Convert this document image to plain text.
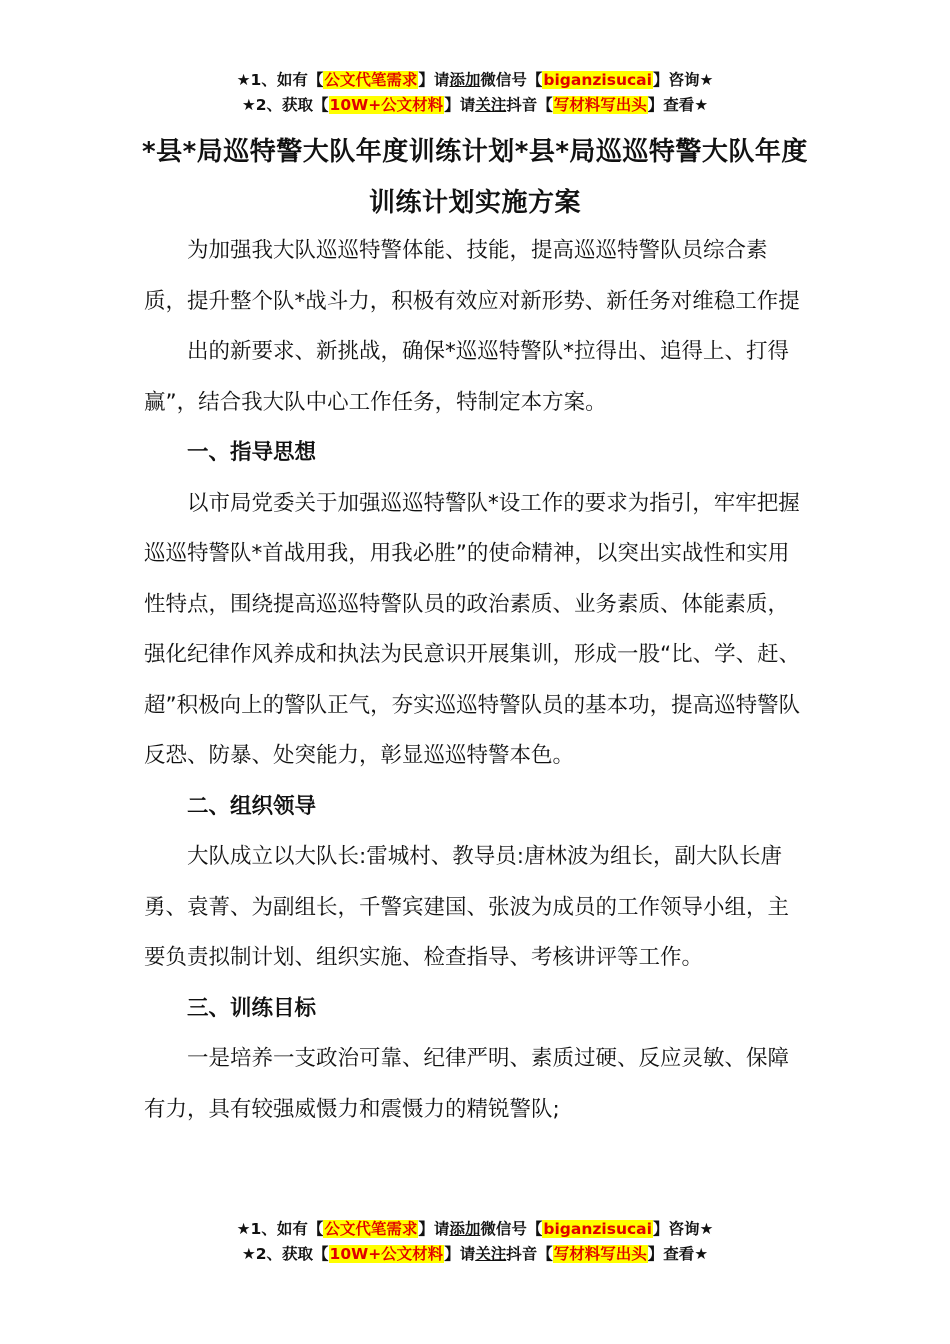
★1、如有【公文代笔需求】请添加微信号【biganzisucai】咨询★
★2、获取【10W+公文材料】请关注抖音【写材料写出头】查看★
*县*局巡特警大队年度训练计划*县*局巡巡特警大队年度
训练计划实施方案

为加强我大队巡巡特警体能、技能，提高巡巡特警队员综合素质，提升整个队*战斗力，积极有效应对新形势、新任务对维稳工作提

出的新要求、新挑战，确保*巡巡特警队*拉得出、追得上、打得赢”，结合我大队中心工作任务，特制定本方案。

一、指导思想

以市局党委关于加强巡巡特警队*设工作的要求为指引，牢牢把握巡巡特警队*首战用我，用我必胜”的使命精神，以突出实战性和实用性特点，围绕提高巡巡特警队员的政治素质、业务素质、体能素质，强化纪律作风养成和执法为民意识开展集训，形成一股“比、学、赶、超”积极向上的警队正气，夯实巡巡特警队员的基本功，提高巡特警队反恐、防暴、处突能力，彰显巡巡特警本色。

二、组织领导

大队成立以大队长:雷城村、教导员:唐林波为组长，副大队长唐勇、袁菁、为副组长，千警宾建国、张波为成员的工作领导小组，主要负责拟制计划、组织实施、检查指导、考核讲评等工作。

三、训练目标

一是培养一支政治可靠、纪律严明、素质过硬、反应灵敏、保障有力，具有较强威慑力和震慑力的精锐警队;

★1、如有【公文代笔需求】请添加微信号【biganzisucai】咨询★
★2、获取【10W+公文材料】请关注抖音【写材料写出头】查看★
